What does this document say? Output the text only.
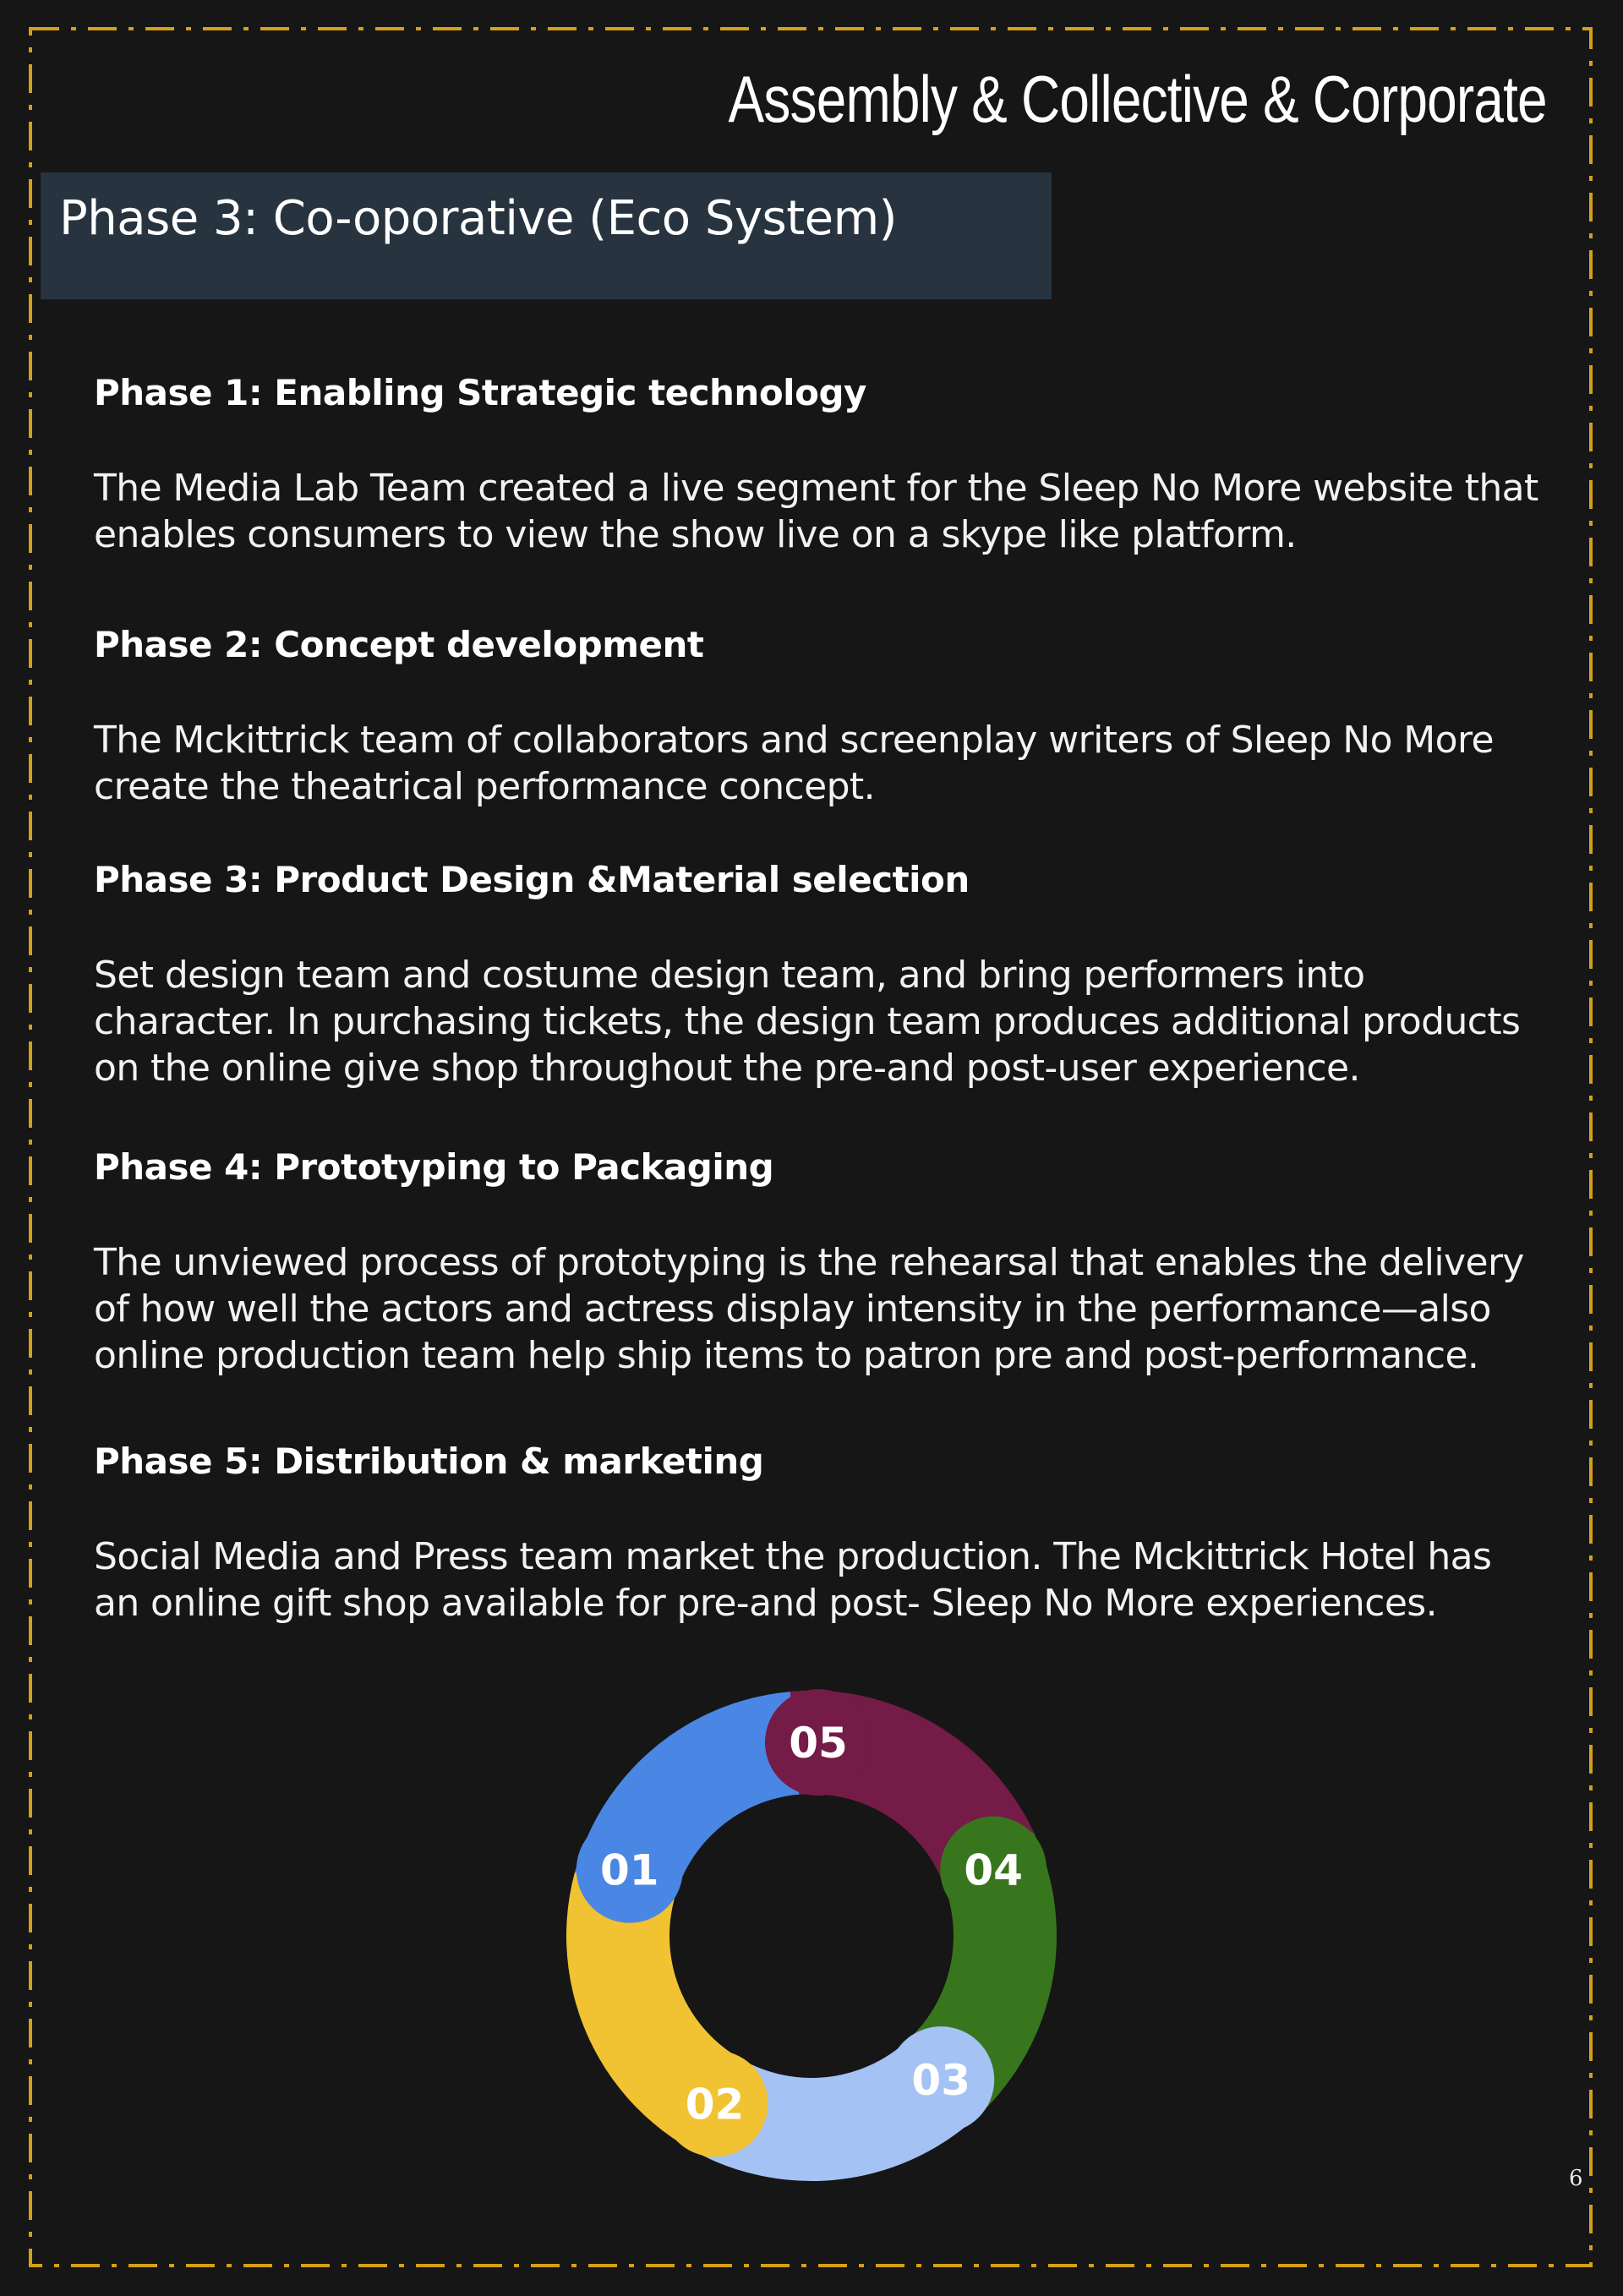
Assembly & Collective & Corporate
Phase 3: Co-oporative (Eco System)
Phase 1: Enabling Strategic technology

The Media Lab Team created a live segment for the Sleep No More website that enables consumers to view the show live on a skype like platform.

Phase 2: Concept development

The Mckittrick team of collaborators and screenplay writers of Sleep No More create the theatrical performance concept.

Phase 3: Product Design &Material selection

Set design team and costume design team, and bring performers into character. In purchasing tickets, the design team produces additional products on the online give shop throughout the pre-and post-user experience.

Phase 4: Prototyping to Packaging

The unviewed process of prototyping is the rehearsal that enables the delivery of how well the actors and actress display intensity in the performance—also online production team help ship items to patron pre and post-performance.

Phase 5: Distribution & marketing

Social Media and Press team market the production. The Mckittrick Hotel has an online gift shop available for pre-and post- Sleep No More experiences.

01
02	03
04
05
6
